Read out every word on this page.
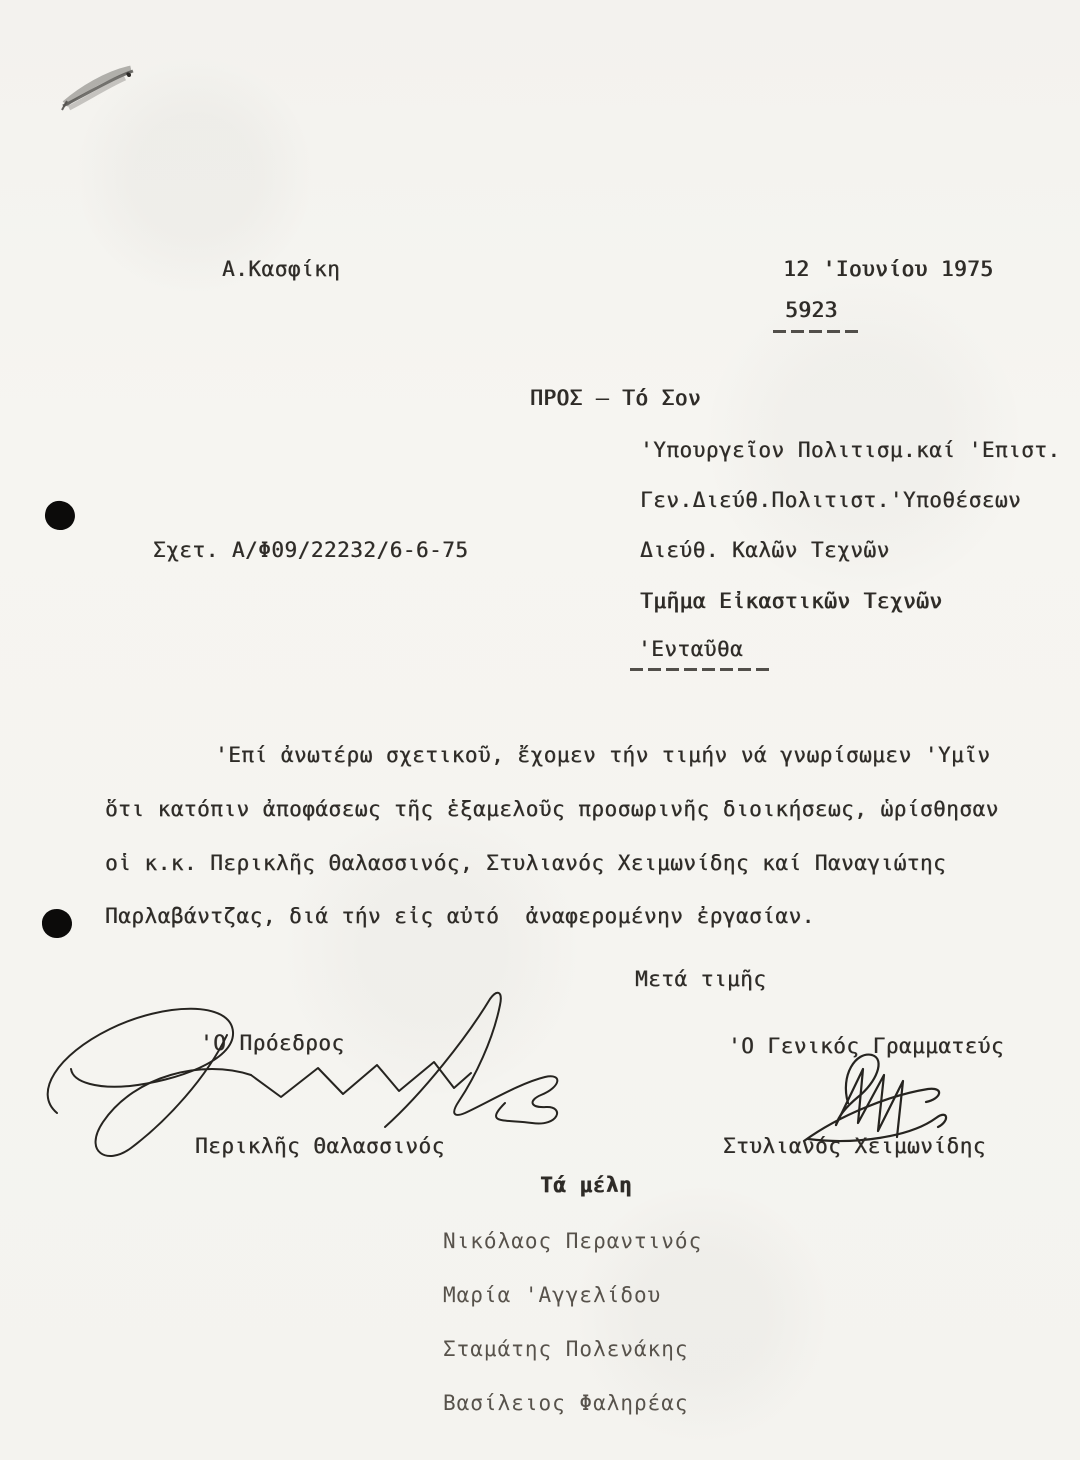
Α.Κασφίκη	12 'Ιουνίου 1975
5923
ΠΡΟΣ – Τό Σον
'Υπουργεῖον Πολιτισμ.καί 'Επιστ.
Γεν.Διεύθ.Πολιτιστ.'Υποθέσεων
Διεύθ. Καλῶν Τεχνῶν
Τμῆμα Εἰκαστικῶν Τεχνῶν
'Ενταῦθα
Σχετ. Α/Φ09/22232/6-6-75
'Επί ἀνωτέρω σχετικοῦ, ἔχομεν τήν τιμήν νά γνωρίσωμεν 'Υμῖν
ὅτι κατόπιν ἀποφάσεως τῆς ἑξαμελοῦς προσωρινῆς διοικήσεως, ὡρίσθησαν
οἱ κ.κ. Περικλῆς Θαλασσινός, Στυλιανός Χειμωνίδης καί Παναγιώτης
Παρλαβάντζας, διά τήν εἰς αὐτό  ἀναφερομένην ἐργασίαν.
Μετά τιμῆς
'Ο Πρόεδρος
Περικλῆς Θαλασσινός
'Ο Γενικός Γραμματεύς
Στυλιανός Χειμωνίδης
Τά μέλη
Νικόλαος Περαντινός
Μαρία 'Αγγελίδου
Σταμάτης Πολενάκης
Βασίλειος Φαληρέας
